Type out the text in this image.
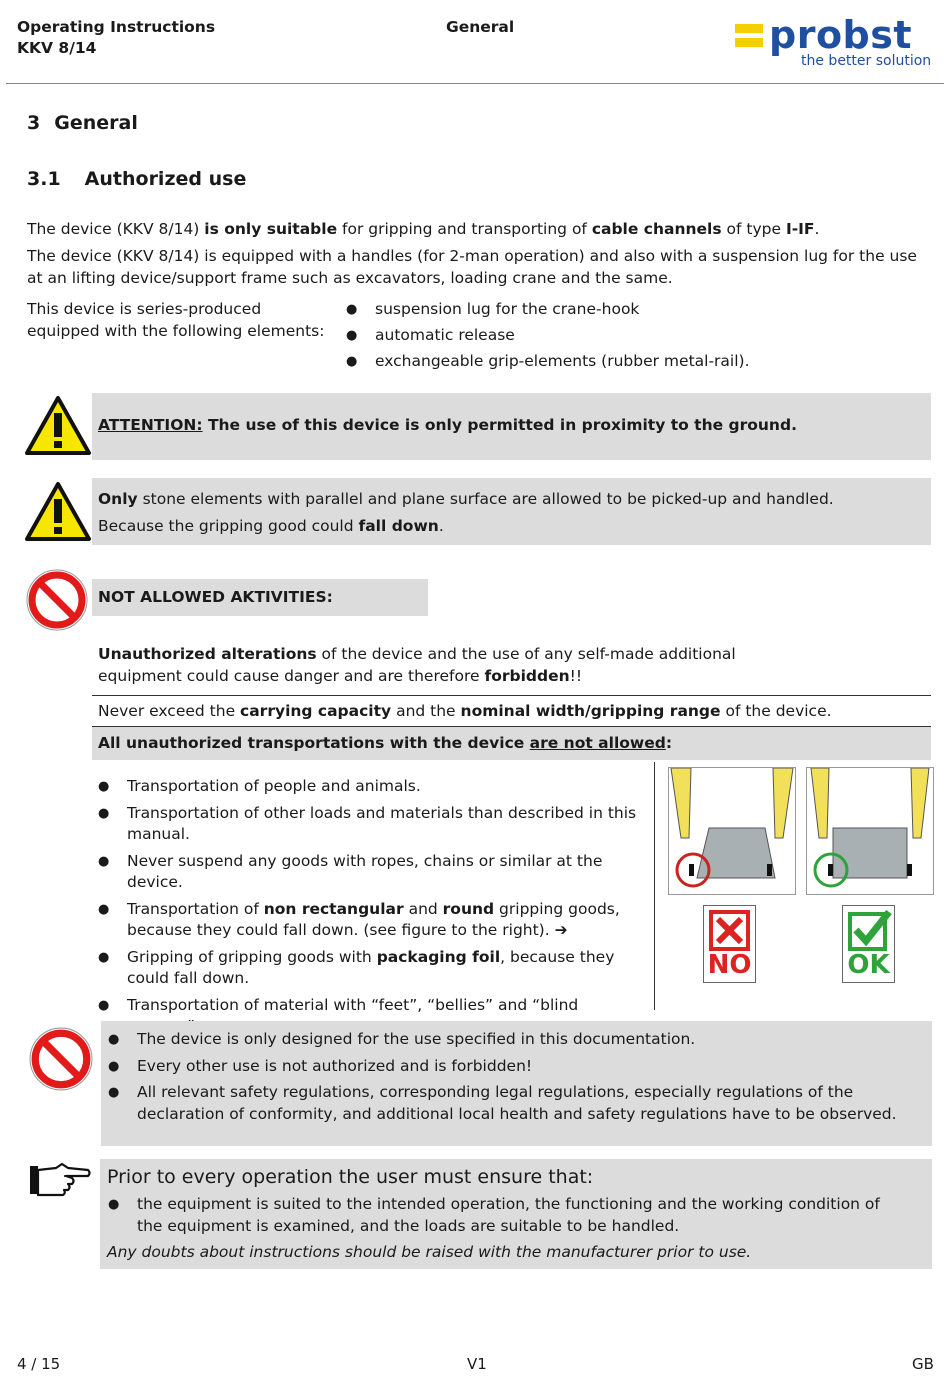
Operating Instructions
KKV 8/14
General	probst
the better solution
3 General
3.1 Authorized use

The device (KKV 8/14) is only suitable for gripping and transporting of cable channels of type I-IF.

The device (KKV 8/14) is equipped with a handles (for 2-man operation) and also with a suspension lug for the use at an lifting device/support frame such as excavators, loading crane and the same.

This device is series-produced equipped with the following elements:

● suspension lug for the crane-hook
● automatic release
● exchangeable grip-elements (rubber metal-rail).

ATTENTION: The use of this device is only permitted in proximity to the ground.

Only stone elements with parallel and plane surface are allowed to be picked-up and handled.

Because the gripping good could fall down.

NOT ALLOWED AKTIVITIES:

Unauthorized alterations of the device and the use of any self-made additional equipment could cause danger and are therefore forbidden!!

Never exceed the carrying capacity and the nominal width/gripping range of the device.

All unauthorized transportations with the device are not allowed:

● Transportation of people and animals.
● Transportation of other loads and materials than described in this manual.
● Never suspend any goods with ropes, chains or similar at the device.
● Transportation of non rectangular and round gripping goods, because they could fall down. (see figure to the right). ➔
● Gripping of gripping goods with packaging foil, because they could fall down.
● Transportation of material with “feet”, “bellies” and “blind
NO	OK
● The device is only designed for the use specified in this documentation.
● Every other use is not authorized and is forbidden!
● All relevant safety regulations, corresponding legal regulations, especially regulations of the declaration of conformity, and additional local health and safety regulations have to be observed.

Prior to every operation the user must ensure that:

● the equipment is suited to the intended operation, the functioning and the working condition of the equipment is examined, and the loads are suitable to be handled.

Any doubts about instructions should be raised with the manufacturer prior to use.

4 / 15	V1	GB
